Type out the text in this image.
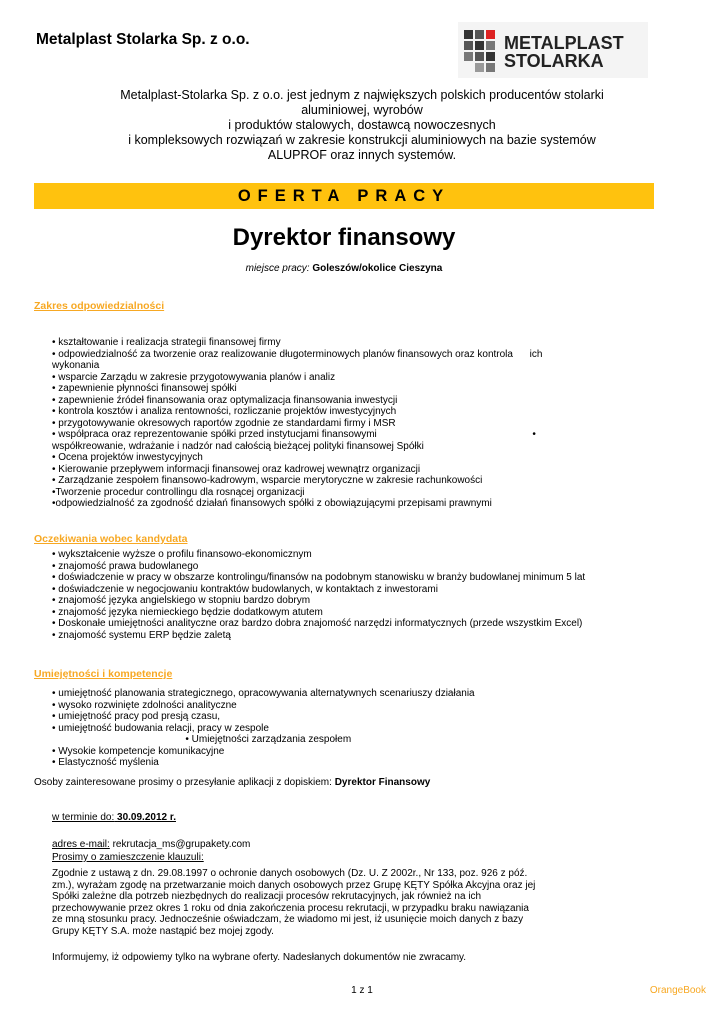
Metalplast Stolarka Sp. z o.o.	METALPLAST
STOLARKA
Metalplast-Stolarka Sp. z o.o. jest jednym z największych polskich producentów stolarki
aluminiowej, wyrobów
i produktów stalowych, dostawcą nowoczesnych
i kompleksowych rozwiązań w zakresie konstrukcji aluminiowych na bazie systemów
ALUPROF oraz innych systemów.
OFERTA PRACY
Dyrektor finansowy
miejsce pracy: Goleszów/okolice Cieszyna
Zakres odpowiedzialności
• kształtowanie i realizacja strategii finansowej firmy
• odpowiedzialność za tworzenie oraz realizowanie długoterminowych planów finansowych oraz kontrola      ich
wykonania
• wsparcie Zarządu w zakresie przygotowywania planów i analiz
• zapewnienie płynności finansowej spółki
• zapewnienie źródeł finansowania oraz optymalizacja finansowania inwestycji
• kontrola kosztów i analiza rentowności, rozliczanie projektów inwestycyjnych
• przygotowywanie okresowych raportów zgodnie ze standardami firmy i MSR
• współpraca oraz reprezentowanie spółki przed instytucjami finansowymi                                                        •
współkreowanie, wdrażanie i nadzór nad całością bieżącej polityki finansowej Spółki
• Ocena projektów inwestycyjnych
• Kierowanie przepływem informacji finansowej oraz kadrowej wewnątrz organizacji
• Zarządzanie zespołem finansowo-kadrowym, wsparcie merytoryczne w zakresie rachunkowości
•Tworzenie procedur controllingu dla rosnącej organizacji
•odpowiedzialność za zgodność działań finansowych spółki z obowiązującymi przepisami prawnymi
Oczekiwania wobec kandydata
• wykształcenie wyższe o profilu finansowo-ekonomicznym
• znajomość prawa budowlanego
• doświadczenie w pracy w obszarze kontrolingu/finansów na podobnym stanowisku w branży budowlanej minimum 5 lat
• doświadczenie w negocjowaniu kontraktów budowlanych, w kontaktach z inwestorami
• znajomość języka angielskiego w stopniu bardzo dobrym
• znajomość języka niemieckiego będzie dodatkowym atutem
• Doskonałe umiejętności analityczne oraz bardzo dobra znajomość narzędzi informatycznych (przede wszystkim Excel)
• znajomość systemu ERP będzie zaletą
Umiejętności i kompetencje
• umiejętność planowania strategicznego, opracowywania alternatywnych scenariuszy działania
• wysoko rozwinięte zdolności analityczne
• umiejętność pracy pod presją czasu,
• umiejętność budowania relacji, pracy w zespole
• Umiejętności zarządzania zespołem
• Wysokie kompetencje komunikacyjne
• Elastyczność myślenia
Osoby zainteresowane prosimy o przesyłanie aplikacji z dopiskiem: Dyrektor Finansowy
w terminie do: 30.09.2012 r.
adres e-mail: rekrutacja_ms@grupakety.com
Prosimy o zamieszczenie klauzuli:
Zgodnie z ustawą z dn. 29.08.1997 o ochronie danych osobowych (Dz. U. Z 2002r., Nr 133, poz. 926 z póź.
zm.), wyrażam zgodę na przetwarzanie moich danych osobowych przez Grupę KĘTY Spółka Akcyjna oraz jej
Spółki zależne dla potrzeb niezbędnych do realizacji procesów rekrutacyjnych, jak również na ich
przechowywanie przez okres 1 roku od dnia zakończenia procesu rekrutacji, w przypadku braku nawiązania
ze mną stosunku pracy. Jednocześnie oświadczam, że wiadomo mi jest, iż usunięcie moich danych z bazy
Grupy KĘTY S.A. może nastąpić bez mojej zgody.
Informujemy, iż odpowiemy tylko na wybrane oferty. Nadesłanych dokumentów nie zwracamy.
1 z 1	OrangeBook
